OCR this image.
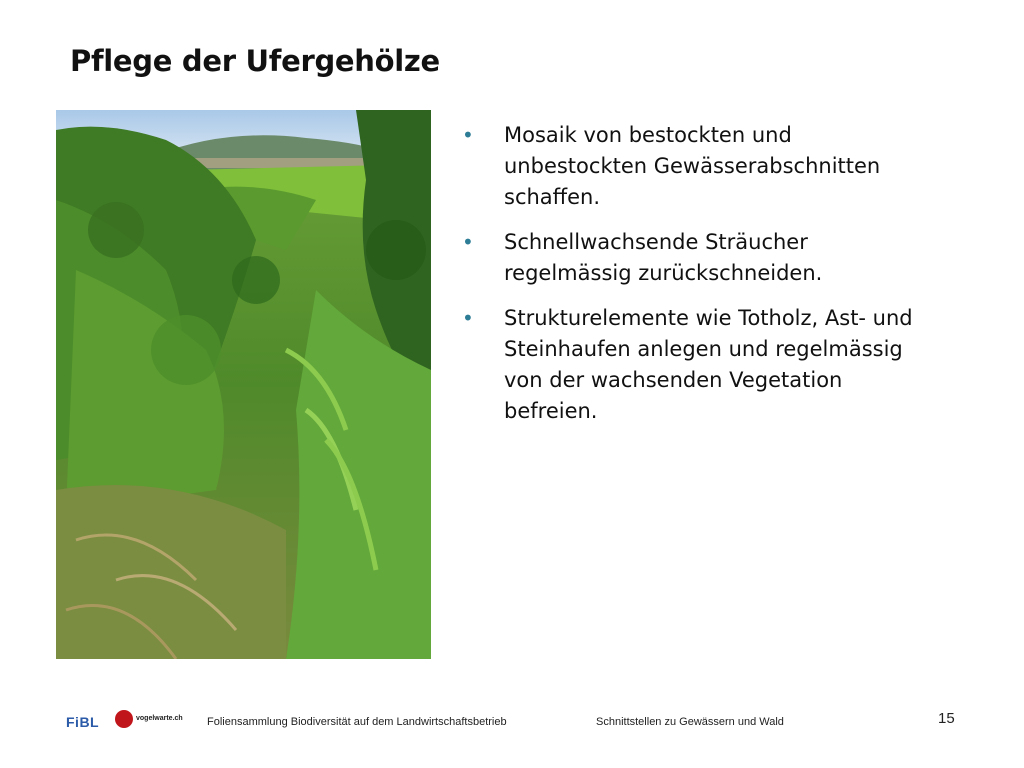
Pflege der Ufergehölze
• Mosaik von bestockten und unbestockten Gewässerabschnitten schaffen.
• Schnellwachsende Sträucher regelmässig zurückschneiden.
• Strukturelemente wie Totholz, Ast- und Steinhaufen anlegen und regelmässig von der wachsenden Vegetation befreien.
FiBL	vogelwarte.ch Foliensammlung Biodiversität auf dem Landwirtschaftsbetrieb	Schnittstellen zu Gewässern und Wald	15
